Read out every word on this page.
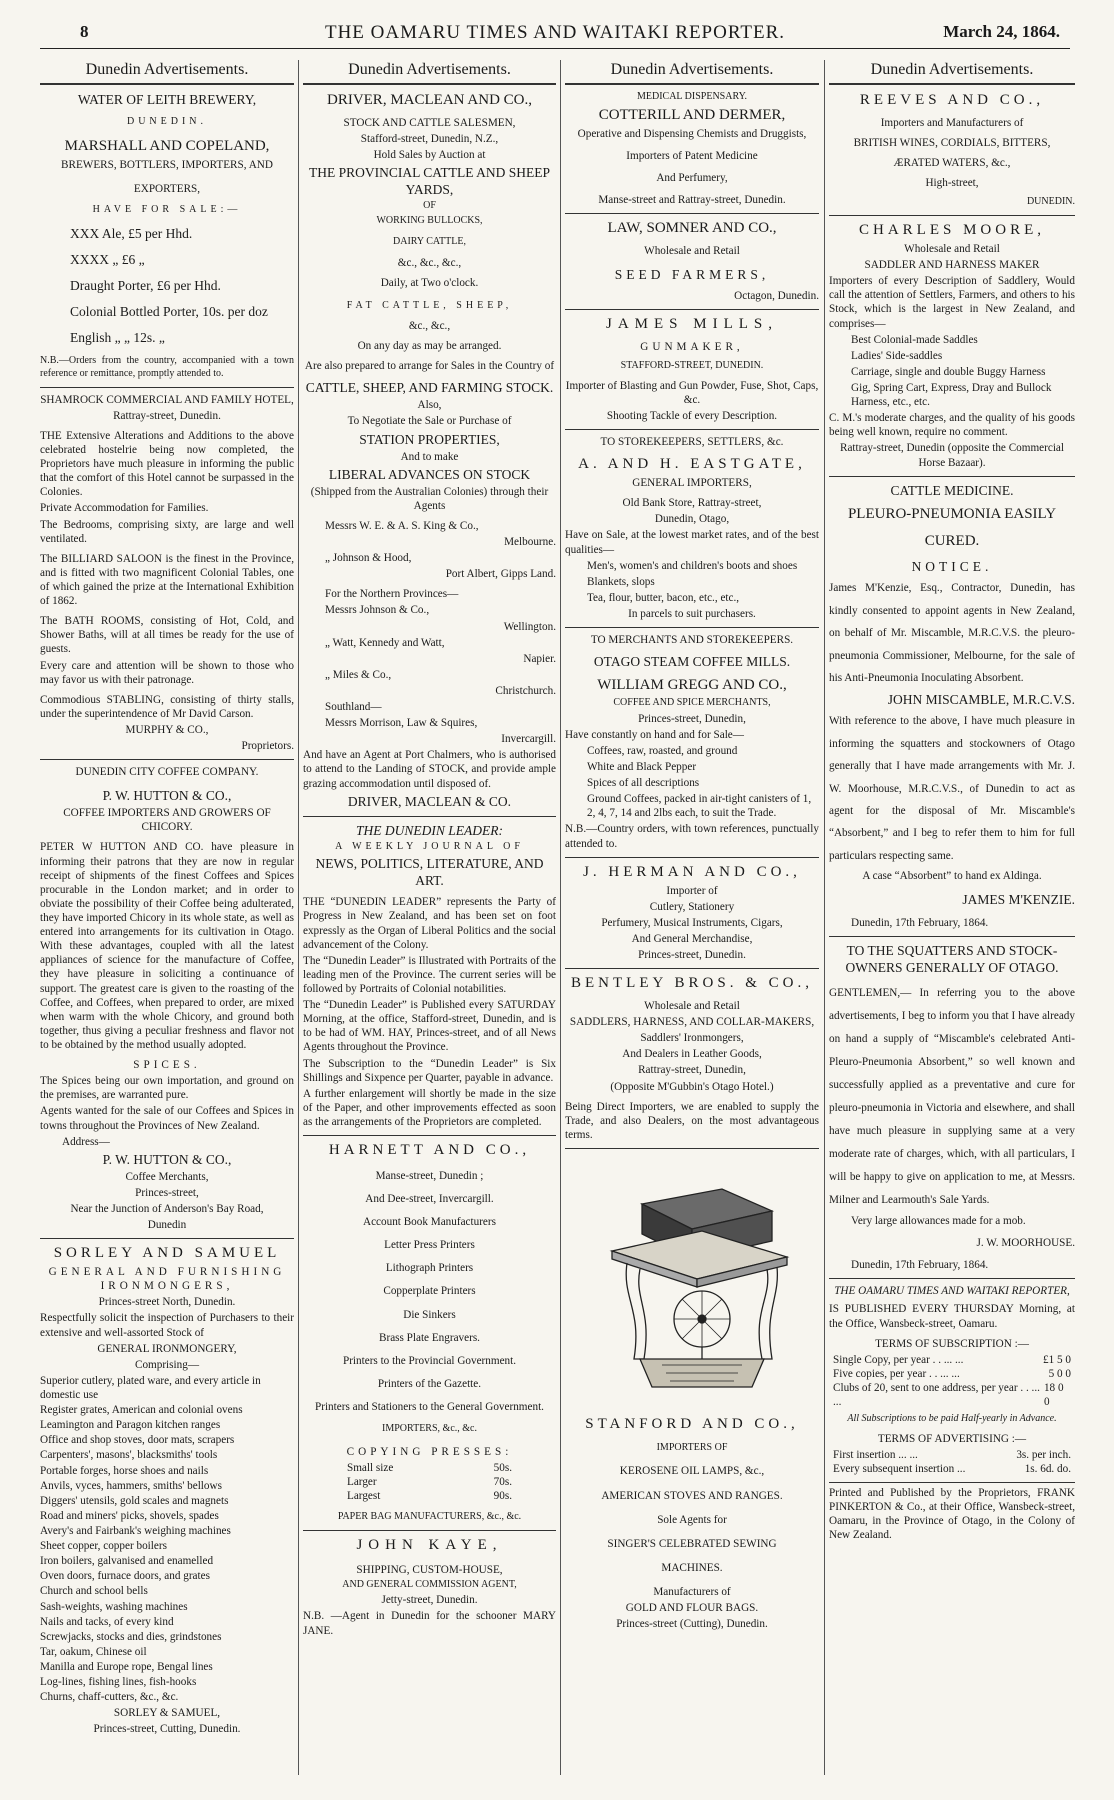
8	THE OAMARU TIMES AND WAITAKI REPORTER.	March 24, 1864.
Dunedin Advertisements.

WATER OF LEITH BREWERY,

DUNEDIN.

MARSHALL AND COPELAND,

BREWERS, BOTTLERS, IMPORTERS, AND

EXPORTERS,

HAVE FOR SALE:—

XXX Ale, £5 per Hhd.

XXXX „ £6 „

Draught Porter, £6 per Hhd.

Colonial Bottled Porter, 10s. per doz

English „ „ 12s. „

N.B.—Orders from the country, accompanied with a town reference or remittance, promptly attended to.

SHAMROCK COMMERCIAL AND FAMILY HOTEL,

Rattray-street, Dunedin.

THE Extensive Alterations and Additions to the above celebrated hostelrie being now completed, the Proprietors have much pleasure in informing the public that the comfort of this Hotel cannot be surpassed in the Colonies.

Private Accommodation for Families.

The Bedrooms, comprising sixty, are large and well ventilated.

The BILLIARD SALOON is the finest in the Province, and is fitted with two magnificent Colonial Tables, one of which gained the prize at the International Exhibition of 1862.

The BATH ROOMS, consisting of Hot, Cold, and Shower Baths, will at all times be ready for the use of guests.

Every care and attention will be shown to those who may favor us with their patronage.

Commodious STABLING, consisting of thirty stalls, under the superintendence of Mr David Carson.

MURPHY & CO.,

Proprietors.

DUNEDIN CITY COFFEE COMPANY.

P. W. HUTTON & CO.,

COFFEE IMPORTERS AND GROWERS OF CHICORY.

PETER W HUTTON AND CO. have pleasure in informing their patrons that they are now in regular receipt of shipments of the finest Coffees and Spices procurable in the London market; and in order to obviate the possibility of their Coffee being adulterated, they have imported Chicory in its whole state, as well as entered into arrangements for its cultivation in Otago. With these advantages, coupled with all the latest appliances of science for the manufacture of Coffee, they have pleasure in soliciting a continuance of support. The greatest care is given to the roasting of the Coffee, and Coffees, when prepared to order, are mixed when warm with the whole Chicory, and ground both together, thus giving a peculiar freshness and flavor not to be obtained by the method usually adopted.

SPICES.

The Spices being our own importation, and ground on the premises, are warranted pure.

Agents wanted for the sale of our Coffees and Spices in towns throughout the Provinces of New Zealand.

Address—

P. W. HUTTON & CO.,

Coffee Merchants,

Princes-street,

Near the Junction of Anderson's Bay Road,

Dunedin

SORLEY AND SAMUEL

GENERAL AND FURNISHING IRONMONGERS,

Princes-street North, Dunedin.

Respectfully solicit the inspection of Purchasers to their extensive and well-assorted Stock of

GENERAL IRONMONGERY,

Comprising—

Superior cutlery, plated ware, and every article in domestic use

Register grates, American and colonial ovens

Leamington and Paragon kitchen ranges

Office and shop stoves, door mats, scrapers

Carpenters', masons', blacksmiths' tools

Portable forges, horse shoes and nails

Anvils, vyces, hammers, smiths' bellows

Diggers' utensils, gold scales and magnets

Road and miners' picks, shovels, spades

Avery's and Fairbank's weighing machines

Sheet copper, copper boilers

Iron boilers, galvanised and enamelled

Oven doors, furnace doors, and grates

Church and school bells

Sash-weights, washing machines

Nails and tacks, of every kind

Screwjacks, stocks and dies, grindstones

Tar, oakum, Chinese oil

Manilla and Europe rope, Bengal lines

Log-lines, fishing lines, fish-hooks

Churns, chaff-cutters, &c., &c.

SORLEY & SAMUEL,

Princes-street, Cutting, Dunedin.

Dunedin Advertisements.

DRIVER, MACLEAN AND CO.,

STOCK AND CATTLE SALESMEN,

Stafford-street, Dunedin, N.Z.,

Hold Sales by Auction at

THE PROVINCIAL CATTLE AND SHEEP YARDS,

OF

WORKING BULLOCKS,

DAIRY CATTLE,

&c., &c., &c.,

Daily, at Two o'clock.

FAT CATTLE, SHEEP,

&c., &c.,

On any day as may be arranged.

Are also prepared to arrange for Sales in the Country of

CATTLE, SHEEP, AND FARMING STOCK.

Also,

To Negotiate the Sale or Purchase of

STATION PROPERTIES,

And to make

LIBERAL ADVANCES ON STOCK

(Shipped from the Australian Colonies) through their Agents

Messrs W. E. & A. S. King & Co.,

Melbourne.

„ Johnson & Hood,

Port Albert, Gipps Land.

For the Northern Provinces—

Messrs Johnson & Co.,

Wellington.

„ Watt, Kennedy and Watt,

Napier.

„ Miles & Co.,

Christchurch.

Southland—

Messrs Morrison, Law & Squires,

Invercargill.

And have an Agent at Port Chalmers, who is authorised to attend to the Landing of STOCK, and provide ample grazing accommodation until disposed of.

DRIVER, MACLEAN & CO.

THE DUNEDIN LEADER:

A WEEKLY JOURNAL OF

NEWS, POLITICS, LITERATURE, AND ART.

THE “DUNEDIN LEADER” represents the Party of Progress in New Zealand, and has been set on foot expressly as the Organ of Liberal Politics and the social advancement of the Colony.

The “Dunedin Leader” is Illustrated with Portraits of the leading men of the Province. The current series will be followed by Portraits of Colonial notabilities.

The “Dunedin Leader” is Published every SATURDAY Morning, at the office, Stafford-street, Dunedin, and is to be had of WM. HAY, Princes-street, and of all News Agents throughout the Province.

The Subscription to the “Dunedin Leader” is Six Shillings and Sixpence per Quarter, payable in advance.

A further enlargement will shortly be made in the size of the Paper, and other improvements effected as soon as the arrangements of the Proprietors are completed.

HARNETT AND CO.,

Manse-street, Dunedin ;

And Dee-street, Invercargill.

Account Book Manufacturers

Letter Press Printers

Lithograph Printers

Copperplate Printers

Die Sinkers

Brass Plate Engravers.

Printers to the Provincial Government.

Printers of the Gazette.

Printers and Stationers to the General Government.

IMPORTERS, &c., &c.

COPYING PRESSES:

Small size	50s.
Larger	70s.
Largest	90s.

PAPER BAG MANUFACTURERS, &c., &c.

JOHN KAYE,

SHIPPING, CUSTOM-HOUSE,

AND GENERAL COMMISSION AGENT,

Jetty-street, Dunedin.

N.B. —Agent in Dunedin for the schooner MARY JANE.

Dunedin Advertisements.

MEDICAL DISPENSARY.

COTTERILL AND DERMER,

Operative and Dispensing Chemists and Druggists,

Importers of Patent Medicine

And Perfumery,

Manse-street and Rattray-street, Dunedin.

LAW, SOMNER AND CO.,

Wholesale and Retail

SEED FARMERS,

Octagon, Dunedin.

JAMES MILLS,

GUNMAKER,

STAFFORD-STREET, DUNEDIN.

Importer of Blasting and Gun Powder, Fuse, Shot, Caps, &c.

Shooting Tackle of every Description.

TO STOREKEEPERS, SETTLERS, &c.

A. AND H. EASTGATE,

GENERAL IMPORTERS,

Old Bank Store, Rattray-street,

Dunedin, Otago,

Have on Sale, at the lowest market rates, and of the best qualities—

Men's, women's and children's boots and shoes

Blankets, slops

Tea, flour, butter, bacon, etc., etc.,

In parcels to suit purchasers.

TO MERCHANTS AND STOREKEEPERS.

OTAGO STEAM COFFEE MILLS.

WILLIAM GREGG AND CO.,

COFFEE AND SPICE MERCHANTS,

Princes-street, Dunedin,

Have constantly on hand and for Sale—

Coffees, raw, roasted, and ground

White and Black Pepper

Spices of all descriptions

Ground Coffees, packed in air-tight canisters of 1, 2, 4, 7, 14 and 2lbs each, to suit the Trade.

N.B.—Country orders, with town references, punctually attended to.

J. HERMAN AND CO.,

Importer of

Cutlery, Stationery

Perfumery, Musical Instruments, Cigars,

And General Merchandise,

Princes-street, Dunedin.

BENTLEY BROS. & CO.,

Wholesale and Retail

SADDLERS, HARNESS, AND COLLAR-MAKERS,

Saddlers' Ironmongers,

And Dealers in Leather Goods,

Rattray-street, Dunedin,

(Opposite M'Gubbin's Otago Hotel.)

Being Direct Importers, we are enabled to supply the Trade, and also Dealers, on the most advantageous terms.

STANFORD AND CO.,

IMPORTERS OF

KEROSENE OIL LAMPS, &c.,

AMERICAN STOVES AND RANGES.

Sole Agents for

SINGER'S CELEBRATED SEWING

MACHINES.

Manufacturers of

GOLD AND FLOUR BAGS.

Princes-street (Cutting), Dunedin.

Dunedin Advertisements.

REEVES AND CO.,

Importers and Manufacturers of

BRITISH WINES, CORDIALS, BITTERS,

ÆRATED WATERS, &c.,

High-street,

DUNEDIN.

CHARLES MOORE,

Wholesale and Retail

SADDLER AND HARNESS MAKER

Importers of every Description of Saddlery, Would call the attention of Settlers, Farmers, and others to his Stock, which is the largest in New Zealand, and comprises—

Best Colonial-made Saddles

Ladies' Side-saddles

Carriage, single and double Buggy Harness

Gig, Spring Cart, Express, Dray and Bullock Harness, etc., etc.

C. M.'s moderate charges, and the quality of his goods being well known, require no comment.

Rattray-street, Dunedin (opposite the Commercial Horse Bazaar).

CATTLE MEDICINE.

PLEURO-PNEUMONIA EASILY

CURED.

NOTICE.

James M'Kenzie, Esq., Contractor, Dunedin, has kindly consented to appoint agents in New Zealand, on behalf of Mr. Miscamble, M.R.C.V.S. the pleuro-pneumonia Commissioner, Melbourne, for the sale of his Anti-Pneumonia Inoculating Absorbent.

JOHN MISCAMBLE, M.R.C.V.S.

With reference to the above, I have much pleasure in informing the squatters and stockowners of Otago generally that I have made arrangements with Mr. J. W. Moorhouse, M.R.C.V.S., of Dunedin to act as agent for the disposal of Mr. Miscamble's “Absorbent,” and I beg to refer them to him for full particulars respecting same.

A case “Absorbent” to hand ex Aldinga.

JAMES M'KENZIE.

Dunedin, 17th February, 1864.

TO THE SQUATTERS AND STOCK-OWNERS GENERALLY OF OTAGO.

GENTLEMEN,— In referring you to the above advertisements, I beg to inform you that I have already on hand a supply of “Miscamble's celebrated Anti-Pleuro-Pneumonia Absorbent,” so well known and successfully applied as a preventative and cure for pleuro-pneumonia in Victoria and elsewhere, and shall have much pleasure in supplying same at a very moderate rate of charges, which, with all particulars, I will be happy to give on application to me, at Messrs. Milner and Learmouth's Sale Yards.

Very large allowances made for a mob.

J. W. MOORHOUSE.

Dunedin, 17th February, 1864.

THE OAMARU TIMES AND WAITAKI REPORTER,

IS PUBLISHED EVERY THURSDAY Morning, at the Office, Wansbeck-street, Oamaru.

TERMS OF SUBSCRIPTION :—

Single Copy, per year . . ... ...	£1 5 0
Five copies, per year . . ... ...	5 0 0
Clubs of 20, sent to one address, per year . . ... ...
18 0 0

All Subscriptions to be paid Half-yearly in Advance.

TERMS OF ADVERTISING :—

First insertion ... ...	3s. per inch.
Every subsequent insertion ...	1s. 6d. do.

Printed and Published by the Proprietors, FRANK PINKERTON & Co., at their Office, Wansbeck-street, Oamaru, in the Province of Otago, in the Colony of New Zealand.
